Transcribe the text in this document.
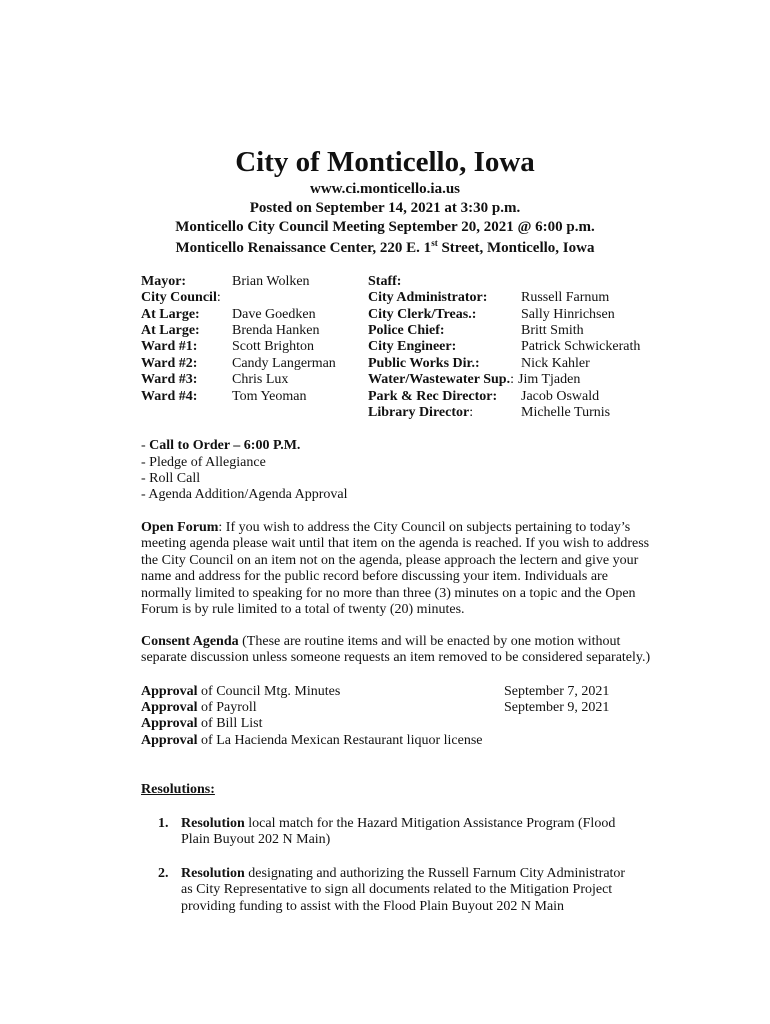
City of Monticello, Iowa
www.ci.monticello.ia.us
Posted on September 14, 2021 at 3:30 p.m.
Monticello City Council Meeting September 20, 2021 @ 6:00 p.m.
Monticello Renaissance Center, 220 E. 1st Street, Monticello, Iowa
Mayor:	Brian Wolken
City Council:
At Large: Dave Goedken
At Large: Brenda Hanken
Ward #1: Scott Brighton
Ward #2: Candy Langerman
Ward #3: Chris Lux
Ward #4: Tom Yeoman
Staff:
City Administrator: Russell Farnum
City Clerk/Treas.:	Sally Hinrichsen
Police Chief:	Britt Smith
City Engineer:	Patrick Schwickerath
Public Works Dir.:	Nick Kahler
Water/Wastewater Sup.: Jim Tjaden
Park & Rec Director: Jacob Oswald
Library Director:	Michelle Turnis
- Call to Order – 6:00 P.M.
- Pledge of Allegiance
- Roll Call
- Agenda Addition/Agenda Approval
Open Forum: If you wish to address the City Council on subjects pertaining to today’s meeting agenda please wait until that item on the agenda is reached. If you wish to address the City Council on an item not on the agenda, please approach the lectern and give your name and address for the public record before discussing your item. Individuals are normally limited to speaking for no more than three (3) minutes on a topic and the Open Forum is by rule limited to a total of twenty (20) minutes.
Consent Agenda (These are routine items and will be enacted by one motion without separate discussion unless someone requests an item removed to be considered separately.)
Approval of Council Mtg. Minutes	September 7, 2021
Approval of Payroll	September 9, 2021
Approval of Bill List
Approval of La Hacienda Mexican Restaurant liquor license
Resolutions:
1. Resolution local match for the Hazard Mitigation Assistance Program (Flood
Plain Buyout 202 N Main)
2. Resolution designating and authorizing the Russell Farnum City Administrator
as City Representative to sign all documents related to the Mitigation Project
providing funding to assist with the Flood Plain Buyout 202 N Main
